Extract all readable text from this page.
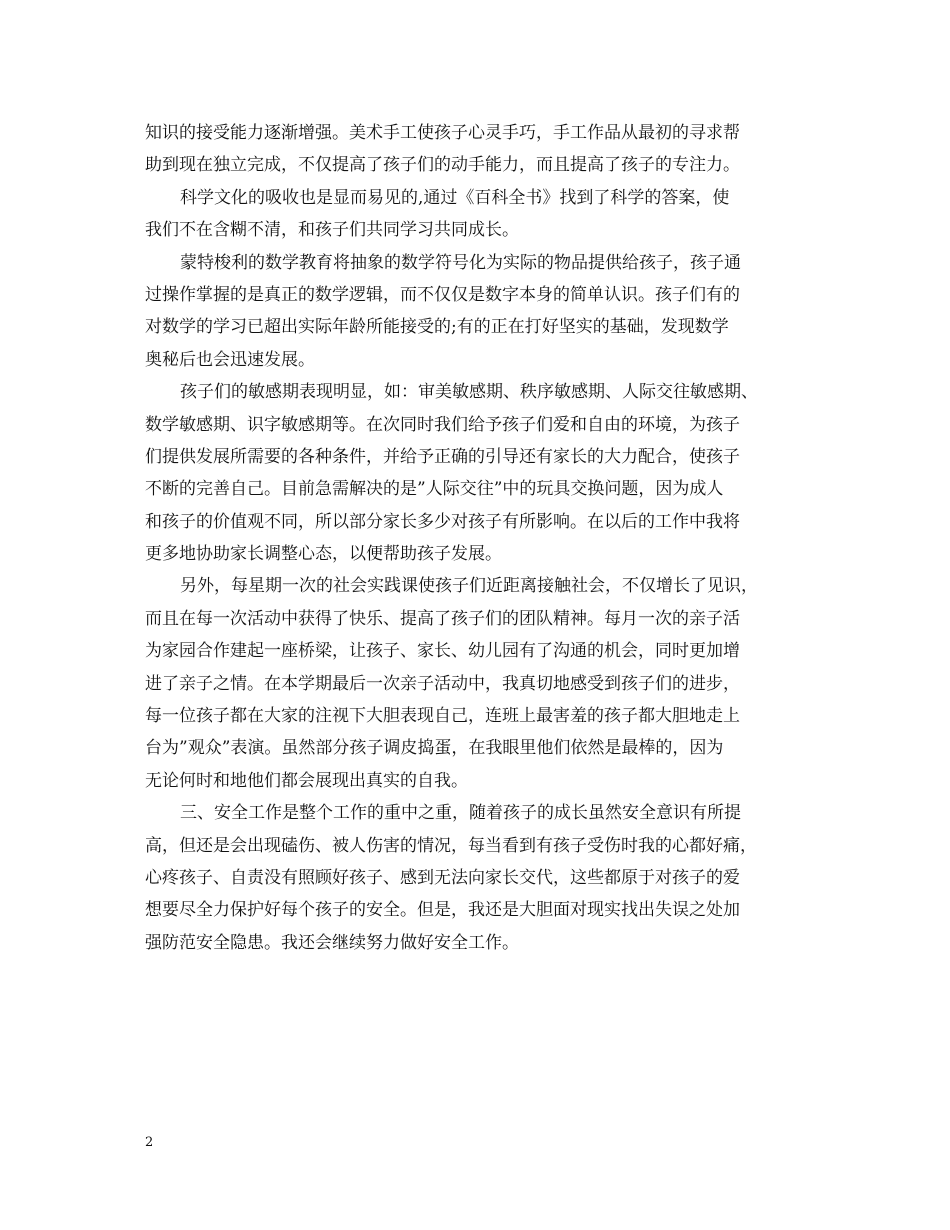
知识的接受能力逐渐增强。美术手工使孩子心灵手巧，手工作品从最初的寻求帮
助到现在独立完成，不仅提高了孩子们的动手能力，而且提高了孩子的专注力。
科学文化的吸收也是显而易见的,通过《百科全书》找到了科学的答案，使
我们不在含糊不清，和孩子们共同学习共同成长。
蒙特梭利的数学教育将抽象的数学符号化为实际的物品提供给孩子，孩子通
过操作掌握的是真正的数学逻辑，而不仅仅是数字本身的简单认识。孩子们有的
对数学的学习已超出实际年龄所能接受的;有的正在打好坚实的基础，发现数学
奥秘后也会迅速发展。
孩子们的敏感期表现明显，如：审美敏感期、秩序敏感期、人际交往敏感期、
数学敏感期、识字敏感期等。在次同时我们给予孩子们爱和自由的环境，为孩子
们提供发展所需要的各种条件，并给予正确的引导还有家长的大力配合，使孩子
不断的完善自己。目前急需解决的是”人际交往”中的玩具交换问题，因为成人
和孩子的价值观不同，所以部分家长多少对孩子有所影响。在以后的工作中我将
更多地协助家长调整心态，以便帮助孩子发展。
另外，每星期一次的社会实践课使孩子们近距离接触社会，不仅增长了见识，
而且在每一次活动中获得了快乐、提高了孩子们的团队精神。每月一次的亲子活
为家园合作建起一座桥梁，让孩子、家长、幼儿园有了沟通的机会，同时更加增
进了亲子之情。在本学期最后一次亲子活动中，我真切地感受到孩子们的进步，
每一位孩子都在大家的注视下大胆表现自己，连班上最害羞的孩子都大胆地走上
台为”观众”表演。虽然部分孩子调皮捣蛋，在我眼里他们依然是最棒的，因为
无论何时和地他们都会展现出真实的自我。
三、安全工作是整个工作的重中之重，随着孩子的成长虽然安全意识有所提
高，但还是会出现磕伤、被人伤害的情况，每当看到有孩子受伤时我的心都好痛，
心疼孩子、自责没有照顾好孩子、感到无法向家长交代，这些都原于对孩子的爱
想要尽全力保护好每个孩子的安全。但是，我还是大胆面对现实找出失误之处加
强防范安全隐患。我还会继续努力做好安全工作。
2
